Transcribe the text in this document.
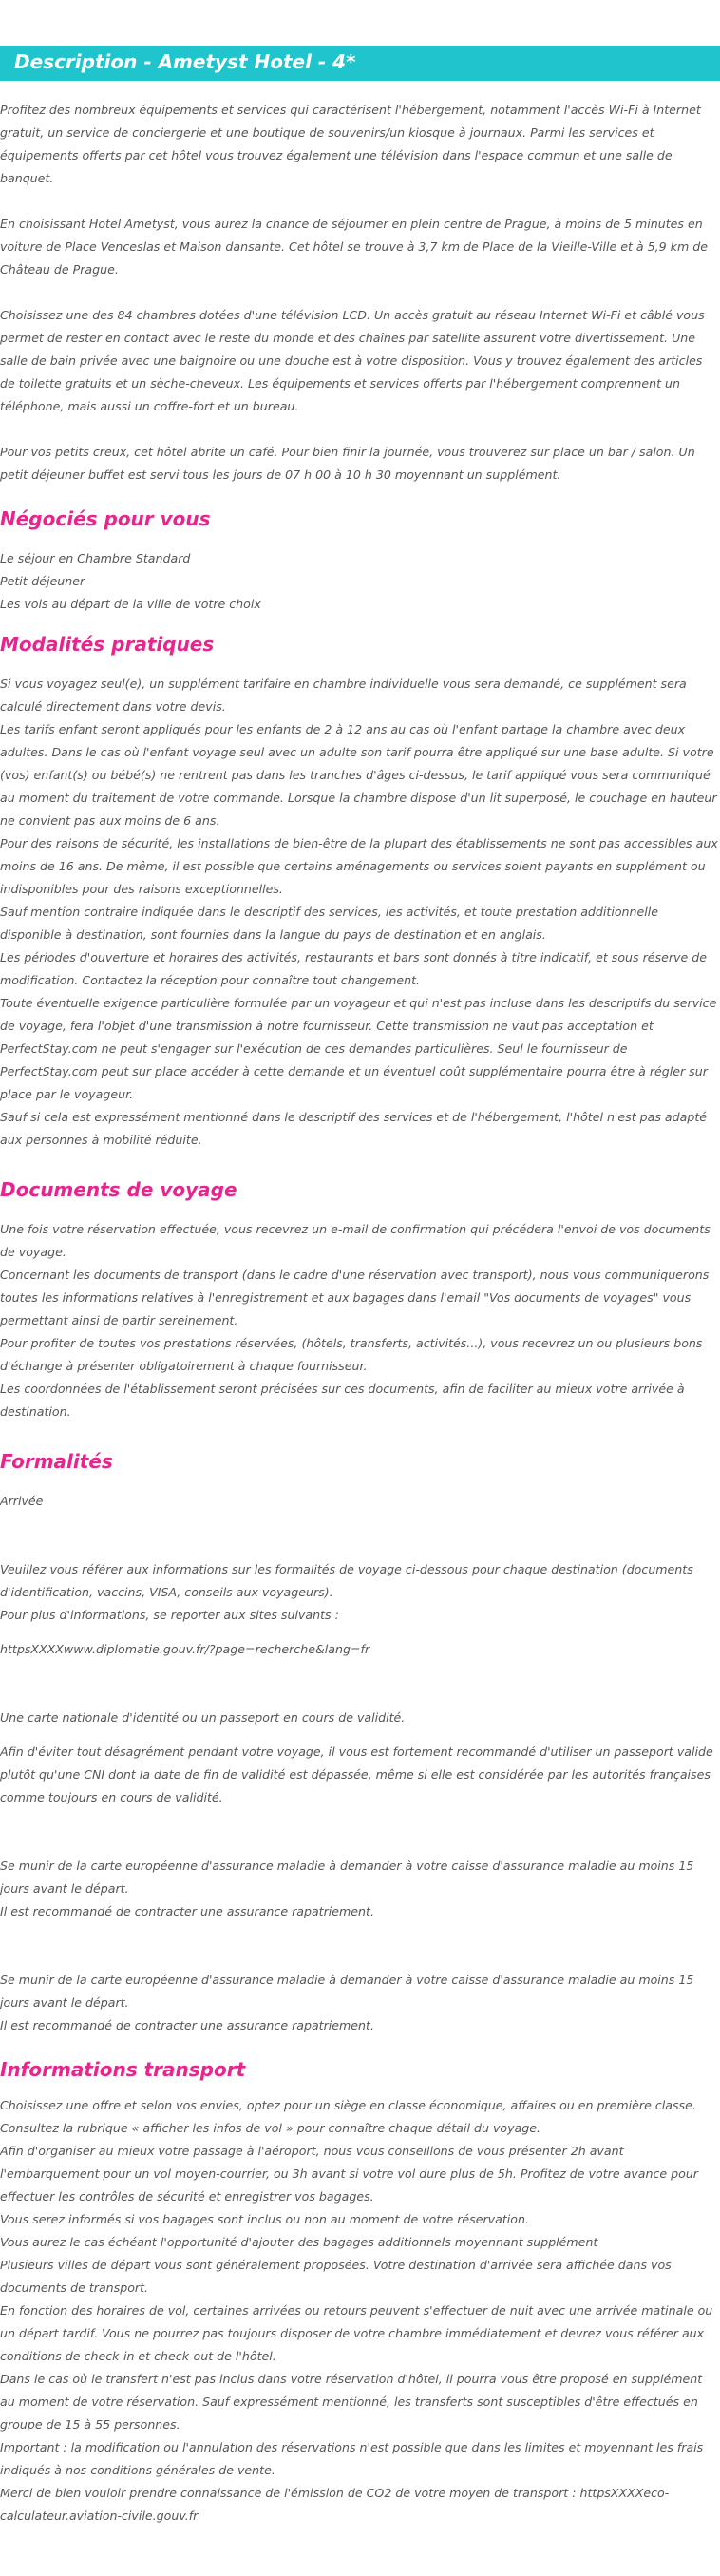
Description - Ametyst Hotel - 4*

Profitez des nombreux équipements et services qui caractérisent l'hébergement, notamment l'accès Wi-Fi à Internet gratuit, un service de conciergerie et une boutique de souvenirs/un kiosque à journaux. Parmi les services et équipements offerts par cet hôtel vous trouvez également une télévision dans l'espace commun et une salle de banquet.

En choisissant Hotel Ametyst, vous aurez la chance de séjourner en plein centre de Prague, à moins de 5 minutes en voiture de Place Venceslas et Maison dansante. Cet hôtel se trouve à 3,7 km de Place de la Vieille-Ville et à 5,9 km de Château de Prague.

Choisissez une des 84 chambres dotées d'une télévision LCD. Un accès gratuit au réseau Internet Wi-Fi et câblé vous permet de rester en contact avec le reste du monde et des chaînes par satellite assurent votre divertissement. Une salle de bain privée avec une baignoire ou une douche est à votre disposition. Vous y trouvez également des articles de toilette gratuits et un sèche-cheveux. Les équipements et services offerts par l'hébergement comprennent un téléphone, mais aussi un coffre-fort et un bureau.

Pour vos petits creux, cet hôtel abrite un café. Pour bien finir la journée, vous trouverez sur place un bar / salon. Un petit déjeuner buffet est servi tous les jours de 07 h 00 à 10 h 30 moyennant un supplément.

Négociés pour vous

Le séjour en Chambre Standard

Petit-déjeuner

Les vols au départ de la ville de votre choix

Modalités pratiques

Si vous voyagez seul(e), un supplément tarifaire en chambre individuelle vous sera demandé, ce supplément sera calculé directement dans votre devis.

Les tarifs enfant seront appliqués pour les enfants de 2 à 12 ans au cas où l'enfant partage la chambre avec deux adultes. Dans le cas où l'enfant voyage seul avec un adulte son tarif pourra être appliqué sur une base adulte. Si votre (vos) enfant(s) ou bébé(s) ne rentrent pas dans les tranches d'âges ci-dessus, le tarif appliqué vous sera communiqué au moment du traitement de votre commande. Lorsque la chambre dispose d'un lit superposé, le couchage en hauteur ne convient pas aux moins de 6 ans.

Pour des raisons de sécurité, les installations de bien-être de la plupart des établissements ne sont pas accessibles aux moins de 16 ans. De même, il est possible que certains aménagements ou services soient payants en supplément ou indisponibles pour des raisons exceptionnelles.

Sauf mention contraire indiquée dans le descriptif des services, les activités, et toute prestation additionnelle disponible à destination, sont fournies dans la langue du pays de destination et en anglais.

Les périodes d'ouverture et horaires des activités, restaurants et bars sont donnés à titre indicatif, et sous réserve de modification. Contactez la réception pour connaître tout changement.

Toute éventuelle exigence particulière formulée par un voyageur et qui n'est pas incluse dans les descriptifs du service de voyage, fera l'objet d'une transmission à notre fournisseur. Cette transmission ne vaut pas acceptation et PerfectStay.com ne peut s'engager sur l'exécution de ces demandes particulières. Seul le fournisseur de PerfectStay.com peut sur place accéder à cette demande et un éventuel coût supplémentaire pourra être à régler sur place par le voyageur.

Sauf si cela est expressément mentionné dans le descriptif des services et de l'hébergement, l'hôtel n'est pas adapté aux personnes à mobilité réduite.

Documents de voyage

Une fois votre réservation effectuée, vous recevrez un e-mail de confirmation qui précédera l'envoi de vos documents de voyage.

Concernant les documents de transport (dans le cadre d'une réservation avec transport), nous vous communiquerons toutes les informations relatives à l'enregistrement et aux bagages dans l'email "Vos documents de voyages" vous permettant ainsi de partir sereinement.

Pour profiter de toutes vos prestations réservées, (hôtels, transferts, activités...), vous recevrez un ou plusieurs bons d'échange à présenter obligatoirement à chaque fournisseur.

Les coordonnées de l'établissement seront précisées sur ces documents, afin de faciliter au mieux votre arrivée à destination.

Formalités

Arrivée

Veuillez vous référer aux informations sur les formalités de voyage ci-dessous pour chaque destination (documents d'identification, vaccins, VISA, conseils aux voyageurs).

Pour plus d'informations, se reporter aux sites suivants :

httpsXXXXwww.diplomatie.gouv.fr/?page=recherche&lang=fr

Une carte nationale d'identité ou un passeport en cours de validité.

Afin d'éviter tout désagrément pendant votre voyage, il vous est fortement recommandé d'utiliser un passeport valide plutôt qu'une CNI dont la date de fin de validité est dépassée, même si elle est considérée par les autorités françaises comme toujours en cours de validité.

Se munir de la carte européenne d'assurance maladie à demander à votre caisse d'assurance maladie au moins 15 jours avant le départ.

Il est recommandé de contracter une assurance rapatriement.

Se munir de la carte européenne d'assurance maladie à demander à votre caisse d'assurance maladie au moins 15 jours avant le départ.

Il est recommandé de contracter une assurance rapatriement.

Informations transport

Choisissez une offre et selon vos envies, optez pour un siège en classe économique, affaires ou en première classe.

Consultez la rubrique « afficher les infos de vol » pour connaître chaque détail du voyage.

Afin d'organiser au mieux votre passage à l'aéroport, nous vous conseillons de vous présenter 2h avant l'embarquement pour un vol moyen-courrier, ou 3h avant si votre vol dure plus de 5h. Profitez de votre avance pour effectuer les contrôles de sécurité et enregistrer vos bagages.

Vous serez informés si vos bagages sont inclus ou non au moment de votre réservation.

Vous aurez le cas échéant l'opportunité d'ajouter des bagages additionnels moyennant supplément

Plusieurs villes de départ vous sont généralement proposées. Votre destination d'arrivée sera affichée dans vos documents de transport.

En fonction des horaires de vol, certaines arrivées ou retours peuvent s'effectuer de nuit avec une arrivée matinale ou un départ tardif. Vous ne pourrez pas toujours disposer de votre chambre immédiatement et devrez vous référer aux conditions de check-in et check-out de l'hôtel.

Dans le cas où le transfert n'est pas inclus dans votre réservation d'hôtel, il pourra vous être proposé en supplément au moment de votre réservation. Sauf expressément mentionné, les transferts sont susceptibles d'être effectués en groupe de 15 à 55 personnes.

Important : la modification ou l'annulation des réservations n'est possible que dans les limites et moyennant les frais indiqués à nos conditions générales de vente.

Merci de bien vouloir prendre connaissance de l'émission de CO2 de votre moyen de transport : httpsXXXXeco-calculateur.aviation-civile.gouv.fr
